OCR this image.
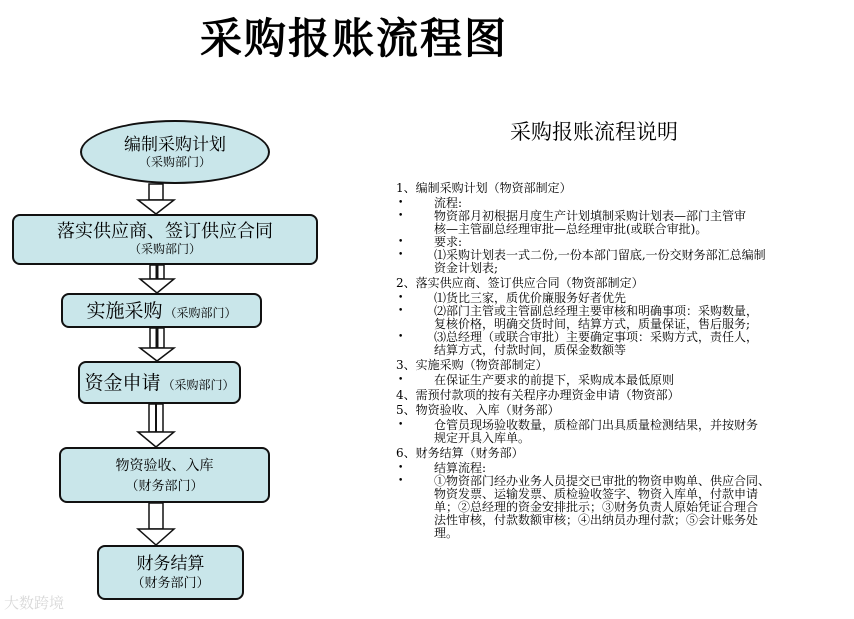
采购报账流程图
编制采购计划
（采购部门）
落实供应商、签订供应合同
（采购部门）
实施采购 （采购部门）
资金申请 （采购部门）
物资验收、入库
（财务部门）
财务结算
（财务部门）
采购报账流程说明
1、编制采购计划（物资部制定）
•	流程:
•	物资部月初根据月度生产计划填制采购计划表—部门主管审
核—主管副总经理审批—总经理审批(或联合审批)。
•	要求:
•	⑴采购计划表一式二份,一份本部门留底,一份交财务部汇总编制
资金计划表;
2、落实供应商、签订供应合同（物资部制定）
•	⑴货比三家，质优价廉服务好者优先
•	⑵部门主管或主管副总经理主要审核和明确事项：采购数量，
复核价格，明确交货时间，结算方式，质量保证，售后服务;
•	⑶总经理（或联合审批）主要确定事项：采购方式，责任人，
结算方式，付款时间，质保金数额等
3、实施采购（物资部制定）
•	在保证生产要求的前提下，采购成本最低原则
4、需预付款项的按有关程序办理资金申请（物资部）
5、物资验收、入库（财务部）
•	仓管员现场验收数量，质检部门出具质量检测结果，并按财务
规定开具入库单。
6、财务结算（财务部）
•	结算流程:
•	①物资部门经办业务人员提交已审批的物资申购单、供应合同、
物资发票、运输发票、质检验收签字、物资入库单，付款申请
单；②总经理的资金安排批示；③财务负责人原始凭证合理合
法性审核，付款数额审核；④出纳员办理付款；⑤会计账务处
理。
大数跨境
